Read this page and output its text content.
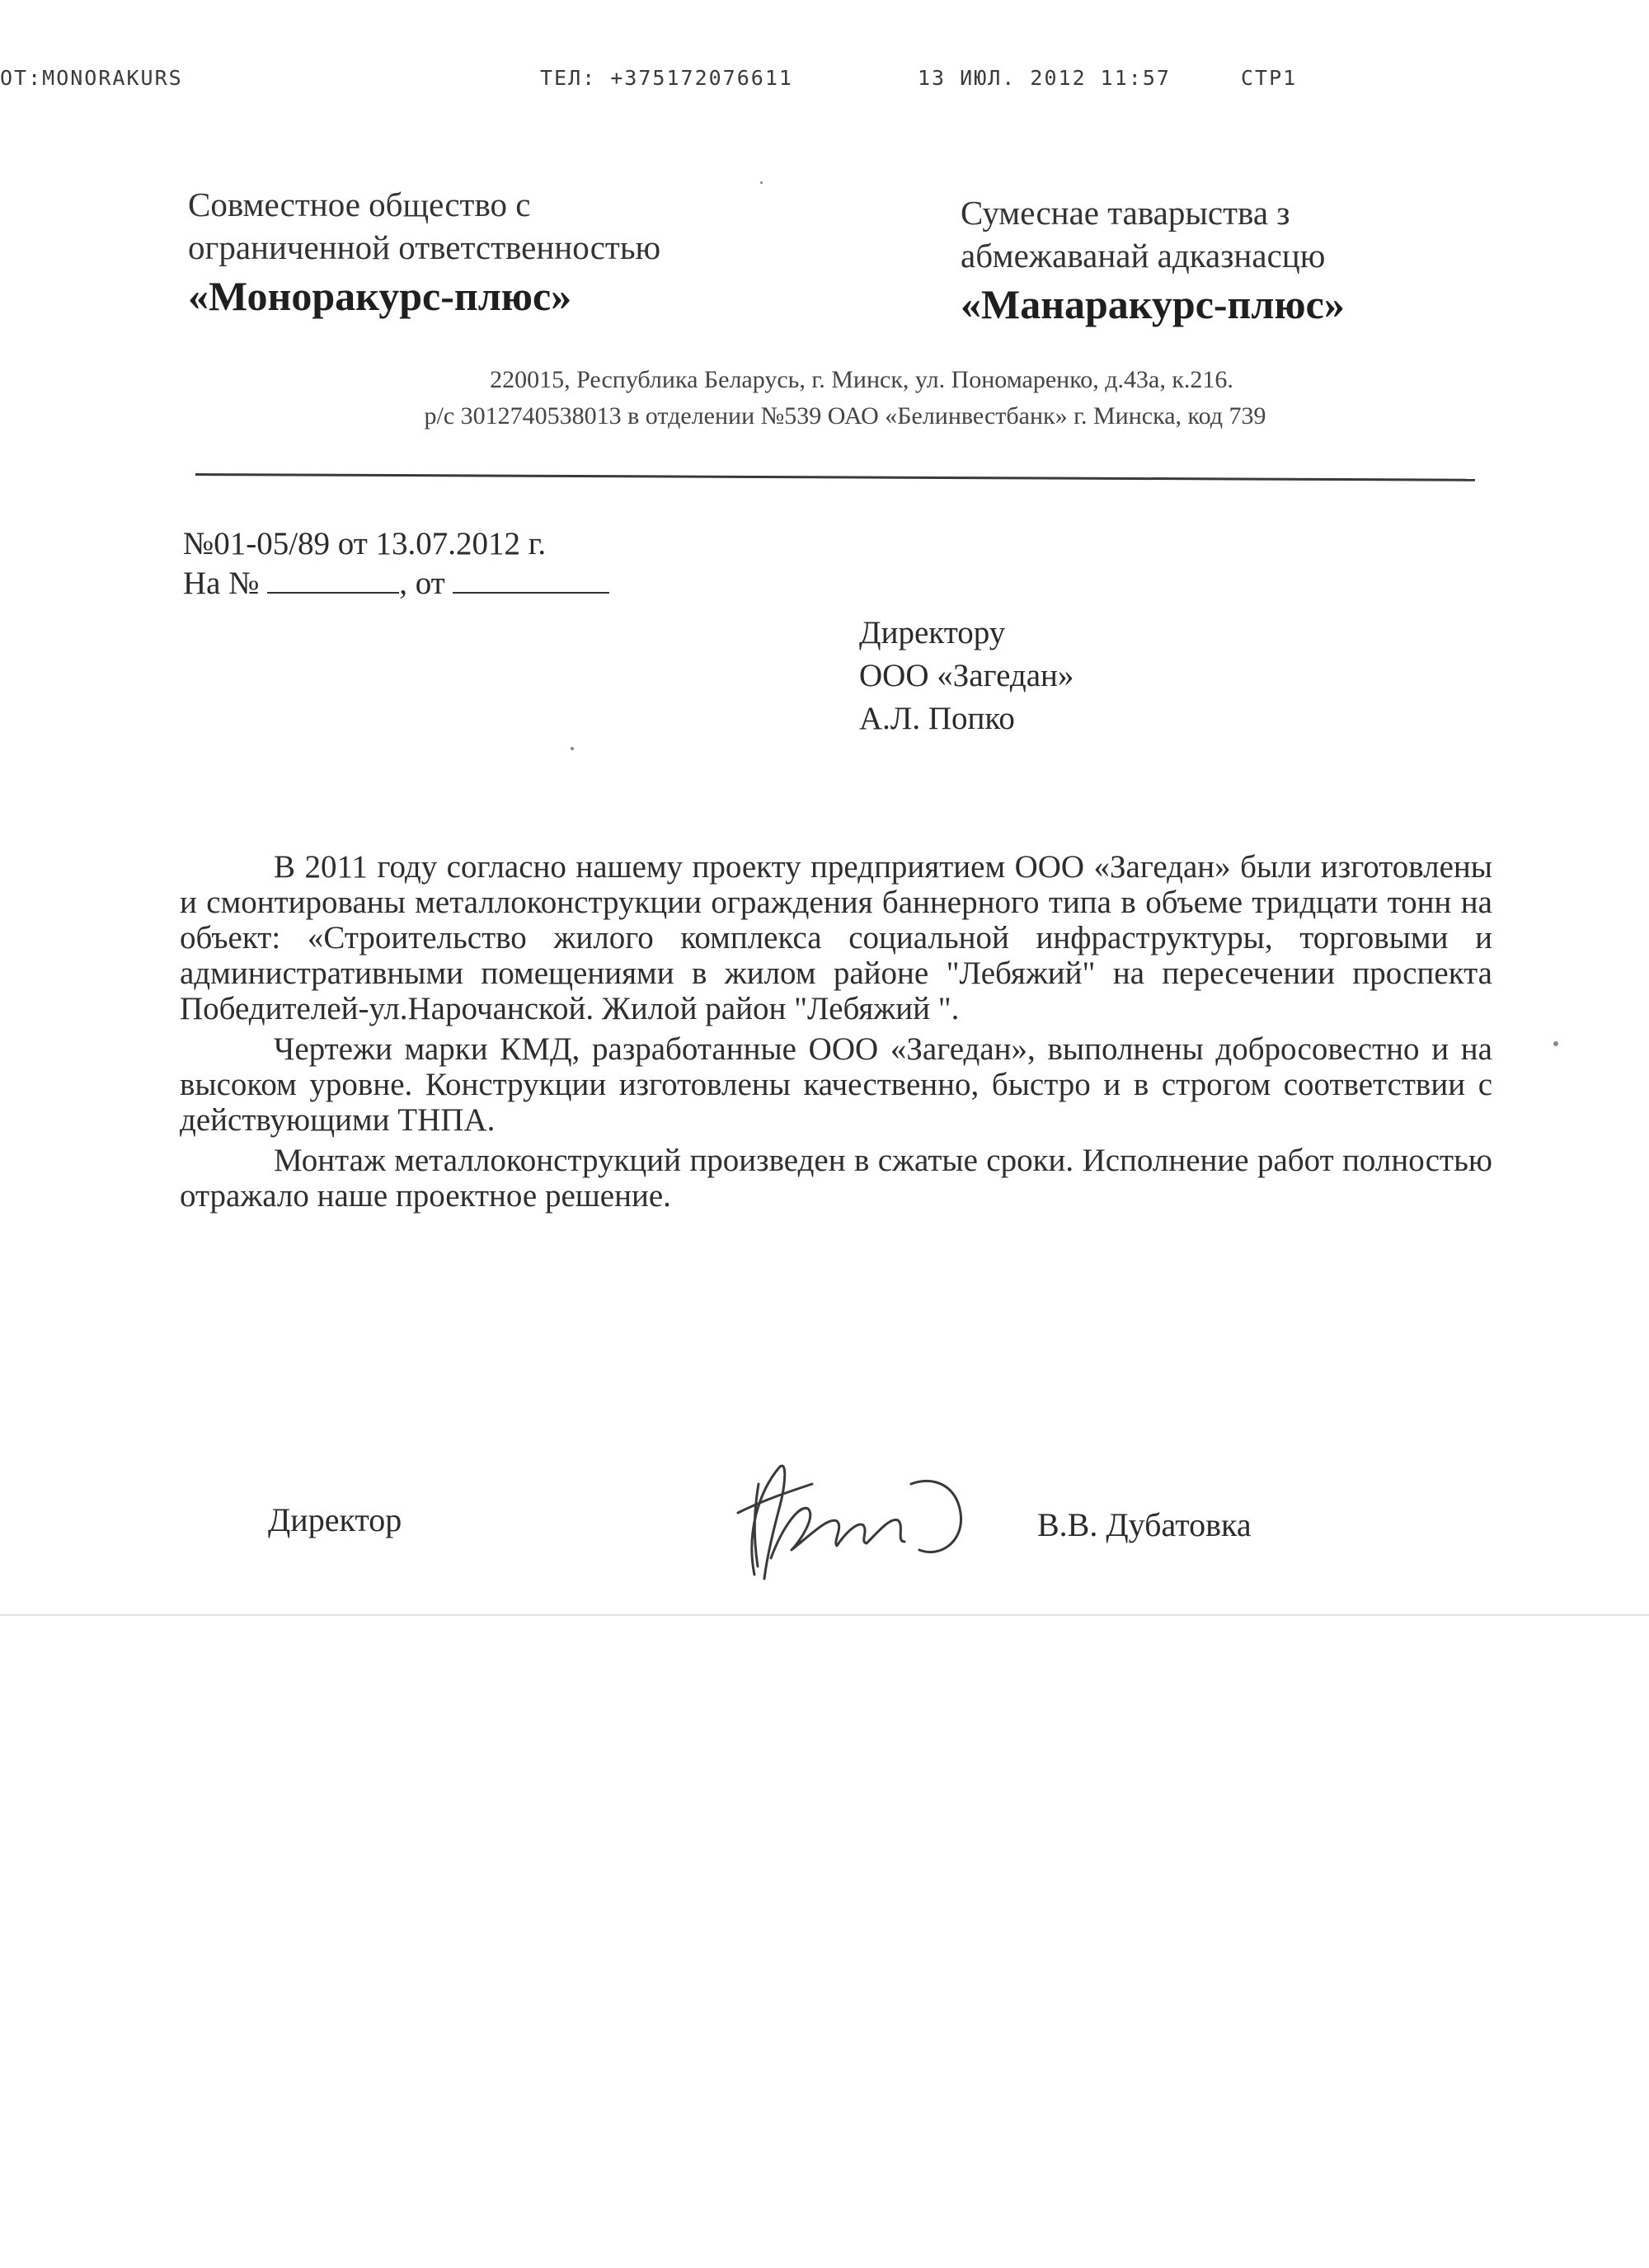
OT:MONORAKURS	ТЕЛ: +375172076611	13 ИЮЛ. 2012 11:57	СТР1
Совместное общество с
ограниченной ответственностью
«Моноракурс-плюс»
Сумеснае таварыства з
абмежаванай адказнасцю
«Манаракурс-плюс»
220015, Республика Беларусь, г. Минск, ул. Пономаренко, д.43а, к.216.
р/с 3012740538013 в отделении №539 ОАО «Белинвестбанк» г. Минска, код 739
№01-05/89 от 13.07.2012 г.
На №	, от
Директору
ООО «Загедан»
А.Л. Попко

В 2011 году согласно нашему проекту предприятием ООО «Загедан» были изготовлены и смонтированы металлоконструкции ограждения баннерного типа в объеме тридцати тонн на объект: «Строительство жилого комплекса социальной инфраструктуры, торговыми и административными помещениями в жилом районе "Лебяжий" на пересечении проспекта Победителей-ул.Нарочанской. Жилой район "Лебяжий ".

Чертежи марки КМД, разработанные ООО «Загедан», выполнены добросовестно и на высоком уровне. Конструкции изготовлены качественно, быстро и в строгом соответствии с действующими ТНПА.

Монтаж металлоконструкций произведен в сжатые сроки. Исполнение работ полностью отражало наше проектное решение.

Директор	В.В. Дубатовка
